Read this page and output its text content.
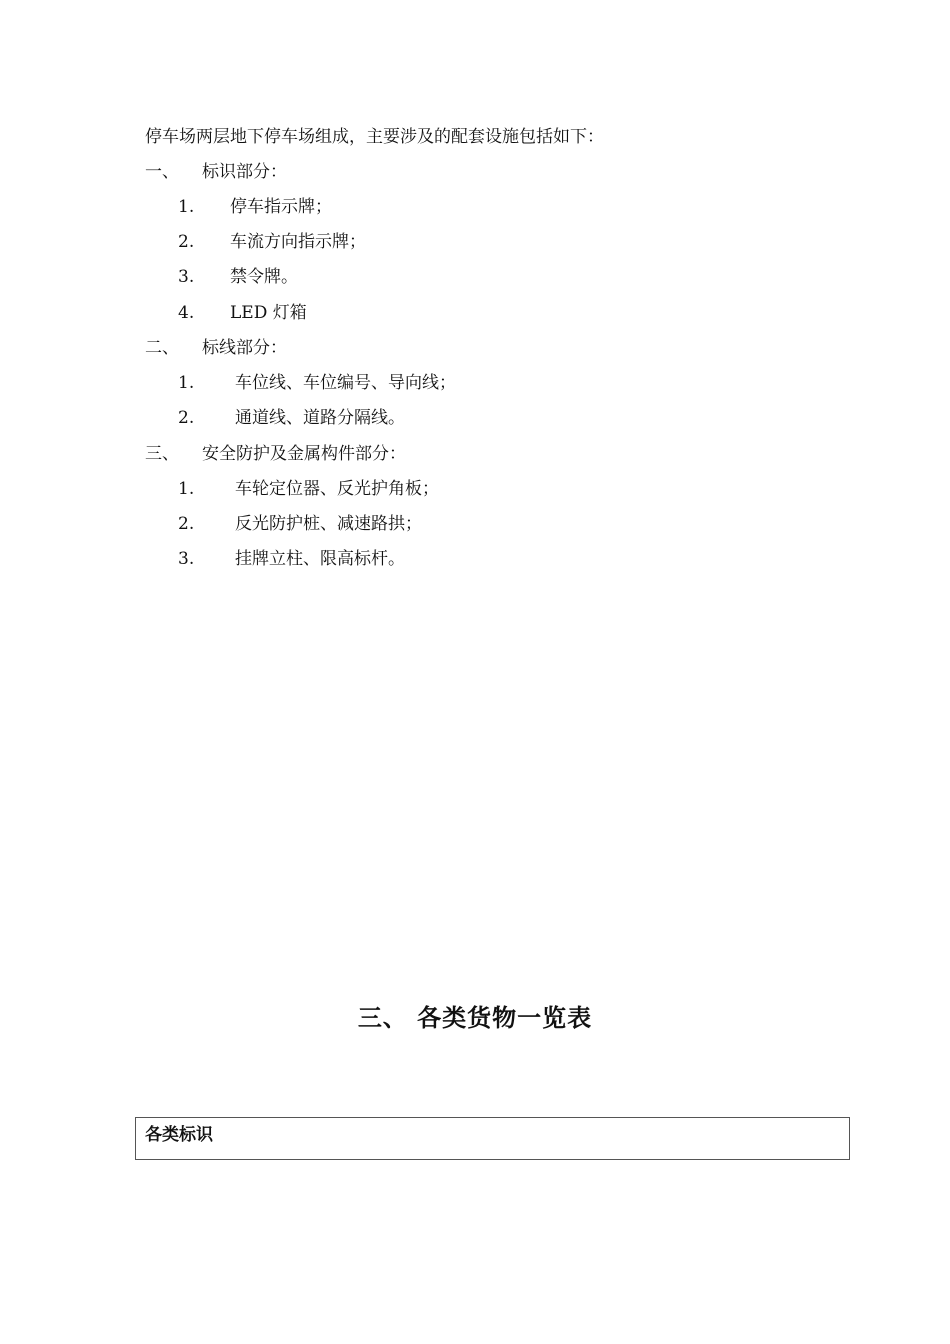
停车场两层地下停车场组成，主要涉及的配套设施包括如下：
一、 标识部分：
1. 停车指示牌；
2. 车流方向指示牌；
3. 禁令牌。
4. LED 灯箱
二、 标线部分：
1. 车位线、车位编号、导向线；
2. 通道线、道路分隔线。
三、 安全防护及金属构件部分：
1. 车轮定位器、反光护角板；
2. 反光防护桩、减速路拱；
3. 挂牌立柱、限高标杆。
三、 各类货物一览表
各类标识
